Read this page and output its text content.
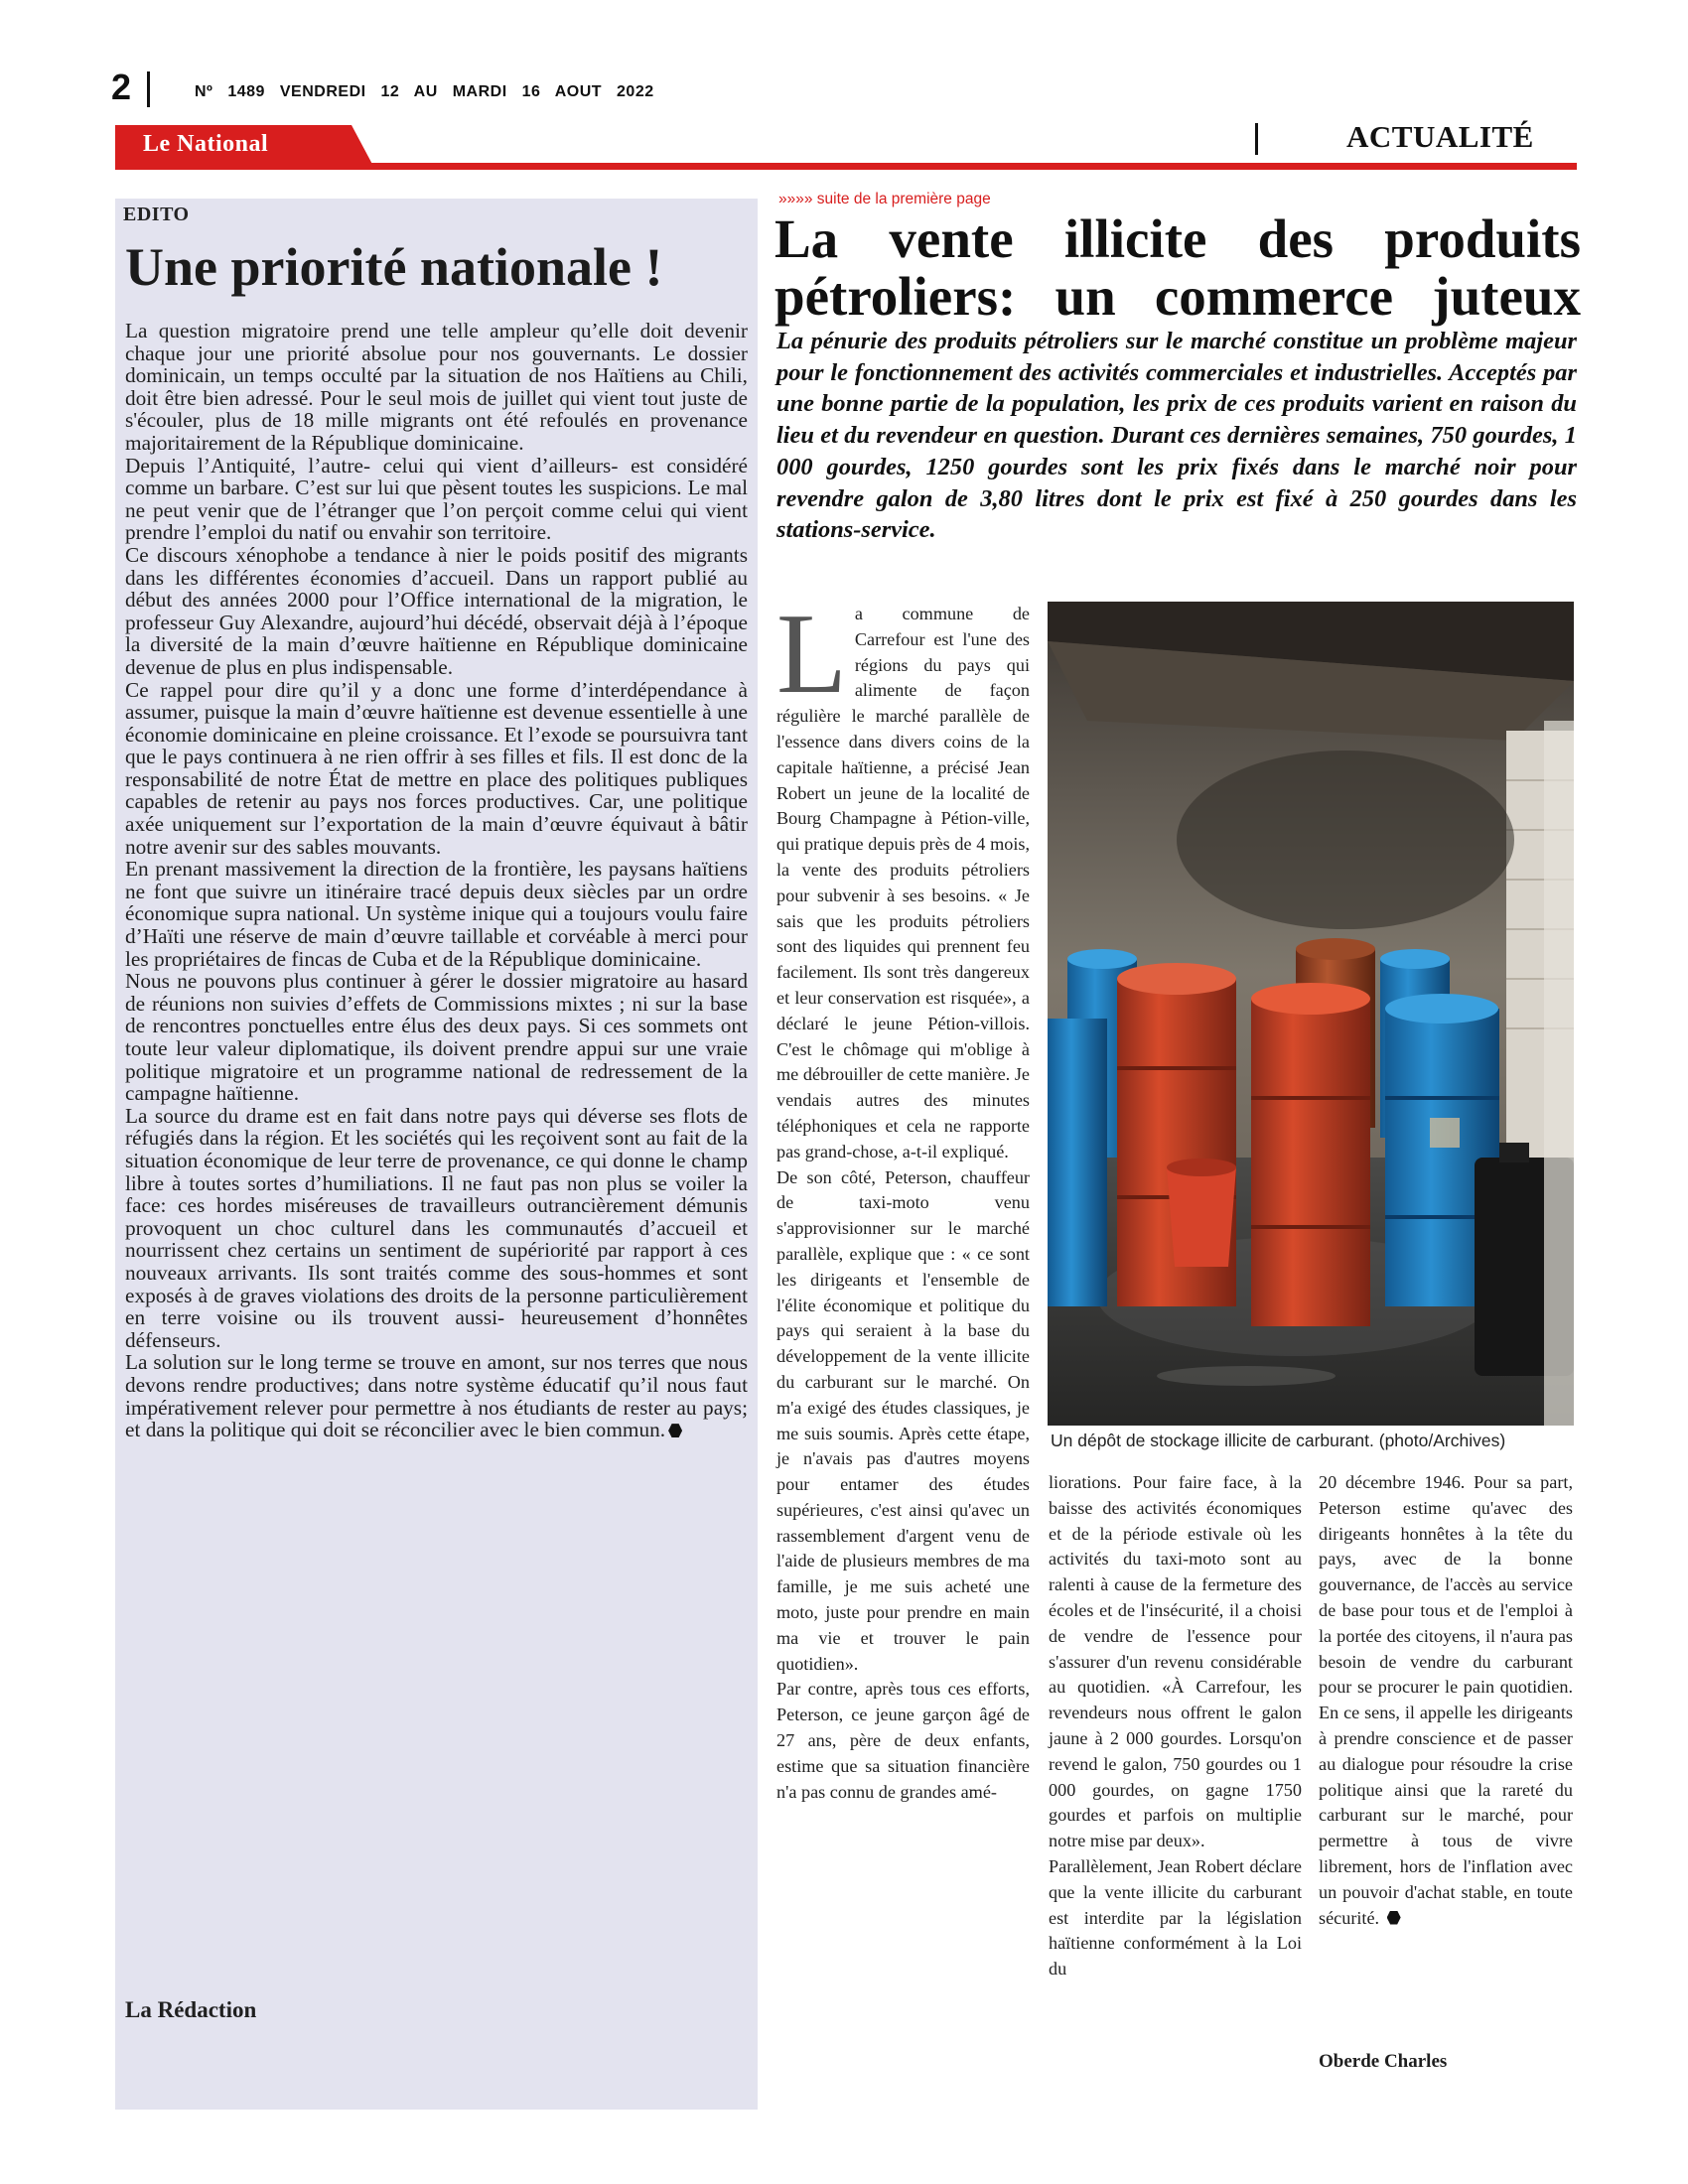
2	Nº 1489 VENDREDI 12 AU MARDI 16 AOUT 2022
Le National	ACTUALITÉ
EDITO
Une priorité nationale !

La question migratoire prend une telle ampleur qu’elle doit devenir chaque jour une priorité absolue pour nos gouvernants. Le dossier dominicain, un temps occulté par la situation de nos Haïtiens au Chili, doit être bien adressé. Pour le seul mois de juillet qui vient tout juste de s'écouler, plus de 18 mille migrants ont été refoulés en provenance majoritairement de la République dominicaine.

Depuis l’Antiquité, l’autre- celui qui vient d’ailleurs- est considéré comme un barbare. C’est sur lui que pèsent toutes les suspicions. Le mal ne peut venir que de l’étranger que l’on perçoit comme celui qui vient prendre l’emploi du natif ou envahir son territoire.

Ce discours xénophobe a tendance à nier le poids positif des migrants dans les différentes économies d’accueil. Dans un rapport publié au début des années 2000 pour l’Office international de la migration, le professeur Guy Alexandre, aujourd’hui décédé, observait déjà à l’époque la diversité de la main d’œuvre haïtienne en République dominicaine devenue de plus en plus indispensable.

Ce rappel pour dire qu’il y a donc une forme d’interdépendance à assumer, puisque la main d’œuvre haïtienne est devenue essentielle à une économie dominicaine en pleine croissance. Et l’exode se poursuivra tant que le pays continuera à ne rien offrir à ses filles et fils. Il est donc de la responsabilité de notre État de mettre en place des politiques publiques capables de retenir au pays nos forces productives. Car, une politique axée uniquement sur l’exportation de la main d’œuvre équivaut à bâtir notre avenir sur des sables mouvants.

En prenant massivement la direction de la frontière, les paysans haïtiens ne font que suivre un itinéraire tracé depuis deux siècles par un ordre économique supra national. Un système inique qui a toujours voulu faire d’Haïti une réserve de main d’œuvre taillable et corvéable à merci pour les propriétaires de fincas de Cuba et de la République dominicaine.

Nous ne pouvons plus continuer à gérer le dossier migratoire au hasard de réunions non suivies d’effets de Commissions mixtes ; ni sur la base de rencontres ponctuelles entre élus des deux pays. Si ces sommets ont toute leur valeur diplomatique, ils doivent prendre appui sur une vraie politique migratoire et un programme national de redressement de la campagne haïtienne.

La source du drame est en fait dans notre pays qui déverse ses flots de réfugiés dans la région. Et les sociétés qui les reçoivent sont au fait de la situation économique de leur terre de provenance, ce qui donne le champ libre à toutes sortes d’humiliations. Il ne faut pas non plus se voiler la face: ces hordes miséreuses de travailleurs outrancièrement démunis provoquent un choc culturel dans les communautés d’accueil et nourrissent chez certains un sentiment de supériorité par rapport à ces nouveaux arrivants. Ils sont traités comme des sous-hommes et sont exposés à de graves violations des droits de la personne particulièrement en terre voisine ou ils trouvent aussi- heureusement d’honnêtes défenseurs.

La solution sur le long terme se trouve en amont, sur nos terres que nous devons rendre productives; dans notre système éducatif qu’il nous faut impérativement relever pour permettre à nos étudiants de rester au pays; et dans la politique qui doit se réconcilier avec le bien commun.

La Rédaction
»»»» suite de la première page
La vente illicite des produits pétroliers: un commerce juteux
La pénurie des produits pétroliers sur le marché constitue un problème majeur pour le fonctionnement des activités commerciales et industrielles. Acceptés par une bonne partie de la population, les prix de ces produits varient en raison du lieu et du revendeur en question. Durant ces dernières semaines, 750 gourdes, 1 000 gourdes, 1250 gourdes sont les prix fixés dans le marché noir pour revendre galon de 3,80 litres dont le prix est fixé à 250 gourdes dans les stations-service.

La commune de Carrefour est l'une des régions du pays qui alimente de façon régulière le marché parallèle de l'essence dans divers coins de la capitale haïtienne, a précisé Jean Robert un jeune de la localité de Bourg Champagne à Pétion-ville, qui pratique depuis près de 4 mois, la vente des produits pétroliers pour subvenir à ses besoins. « Je sais que les produits pétroliers sont des liquides qui prennent feu facilement. Ils sont très dangereux et leur conservation est risquée», a déclaré le jeune Pétion-villois. C'est le chômage qui m'oblige à me débrouiller de cette manière. Je vendais autres des minutes téléphoniques et cela ne rapporte pas grand-chose, a-t-il expliqué.

De son côté, Peterson, chauffeur de taxi-moto venu s'approvisionner sur le marché parallèle, explique que : « ce sont les dirigeants et l'ensemble de l'élite économique et politique du pays qui seraient à la base du développement de la vente illicite du carburant sur le marché. On m'a exigé des études classiques, je me suis soumis. Après cette étape, je n'avais pas d'autres moyens pour entamer des études supérieures, c'est ainsi qu'avec un rassemblement d'argent venu de l'aide de plusieurs membres de ma famille, je me suis acheté une moto, juste pour prendre en main ma vie et trouver le pain quotidien».

Par contre, après tous ces efforts, Peterson, ce jeune garçon âgé de 27 ans, père de deux enfants, estime que sa situation financière n'a pas connu de grandes amé-

Un dépôt de stockage illicite de carburant. (photo/Archives)

liorations. Pour faire face, à la baisse des activités économiques et de la période estivale où les activités du taxi-moto sont au ralenti à cause de la fermeture des écoles et de l'insécurité, il a choisi de vendre de l'essence pour s'assurer d'un revenu considérable au quotidien. «À Carrefour, les revendeurs nous offrent le galon jaune à 2 000 gourdes. Lorsqu'on revend le galon, 750 gourdes ou 1 000 gourdes, on gagne 1750 gourdes et parfois on multiplie notre mise par deux».

Parallèlement, Jean Robert déclare que la vente illicite du carburant est interdite par la législation haïtienne conformément à la Loi du

20 décembre 1946. Pour sa part, Peterson estime qu'avec des dirigeants honnêtes à la tête du pays, avec de la bonne gouvernance, de l'accès au service de base pour tous et de l'emploi à la portée des citoyens, il n'aura pas besoin de vendre du carburant pour se procurer le pain quotidien. En ce sens, il appelle les dirigeants à prendre conscience et de passer au dialogue pour résoudre la crise politique ainsi que la rareté du carburant sur le marché, pour permettre à tous de vivre librement, hors de l'inflation avec un pouvoir d'achat stable, en toute sécurité.

Oberde Charles
